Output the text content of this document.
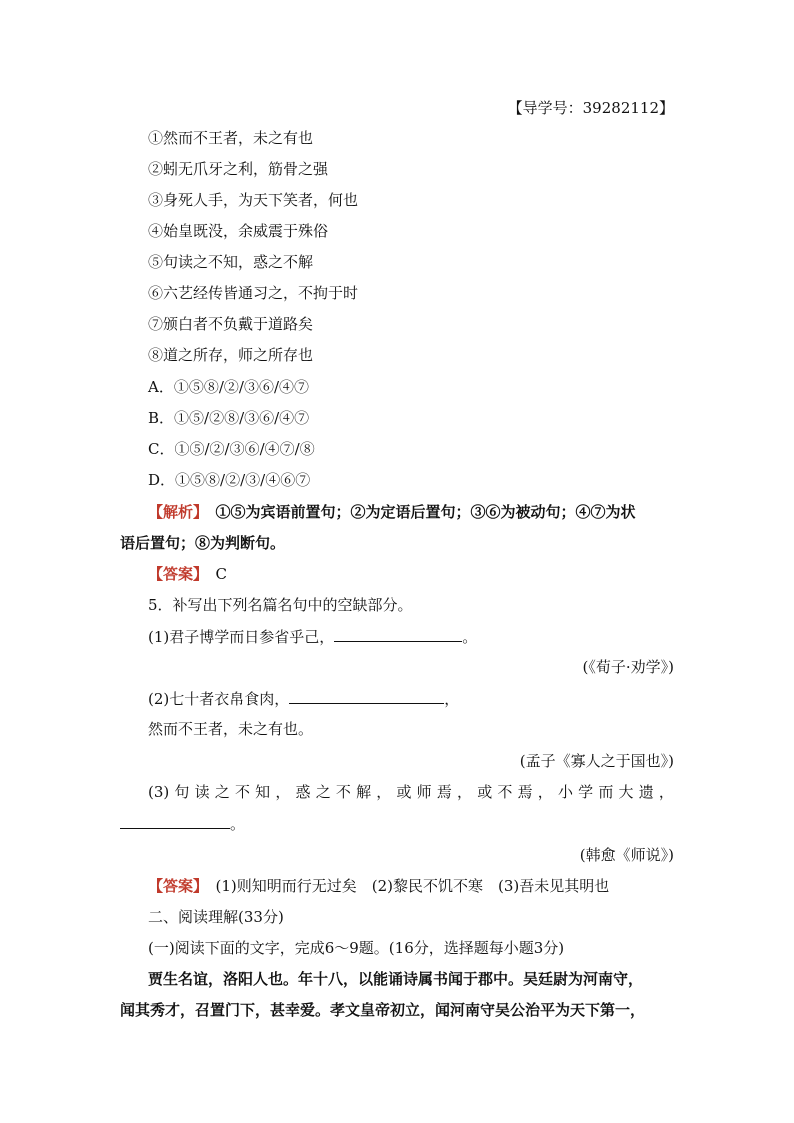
【导学号：39282112】
①然而不王者，未之有也
②蚓无爪牙之利，筋骨之强
③身死人手，为天下笑者，何也
④始皇既没，余威震于殊俗
⑤句读之不知，惑之不解
⑥六艺经传皆通习之，不拘于时
⑦颁白者不负戴于道路矣
⑧道之所存，师之所存也
A．①⑤⑧/②/③⑥/④⑦
B．①⑤/②⑧/③⑥/④⑦
C．①⑤/②/③⑥/④⑦/⑧
D．①⑤⑧/②/③/④⑥⑦
【解析】　 ①⑤为宾语前置句；②为定语后置句；③⑥为被动句；④⑦为状
语后置句；⑧为判断句。
【答案】　 C
5．补写出下列名篇名句中的空缺部分。
(1)君子博学而日参省乎己，	。
(《荀子·劝学》)
(2)七十者衣帛食肉，	，
然而不王者，未之有也。
(孟子《寡人之于国也》)
(3) 句 读 之 不 知 ， 惑 之 不 解 ， 或 师 焉 ， 或 不 焉 ， 小 学 而 大 遗 ，
。
(韩愈《师说》)
【答案】　 (1)则知明而行无过矣　(2)黎民不饥不寒　(3)吾未见其明也
二、阅读理解(33分)
(一)阅读下面的文字，完成6～9题。(16分，选择题每小题3分)
贾生名谊，洛阳人也。年十八，以能诵诗属书闻于郡中。吴廷尉为河南守，
闻其秀才，召置门下，甚幸爱。孝文皇帝初立，闻河南守吴公治平为天下第一，
